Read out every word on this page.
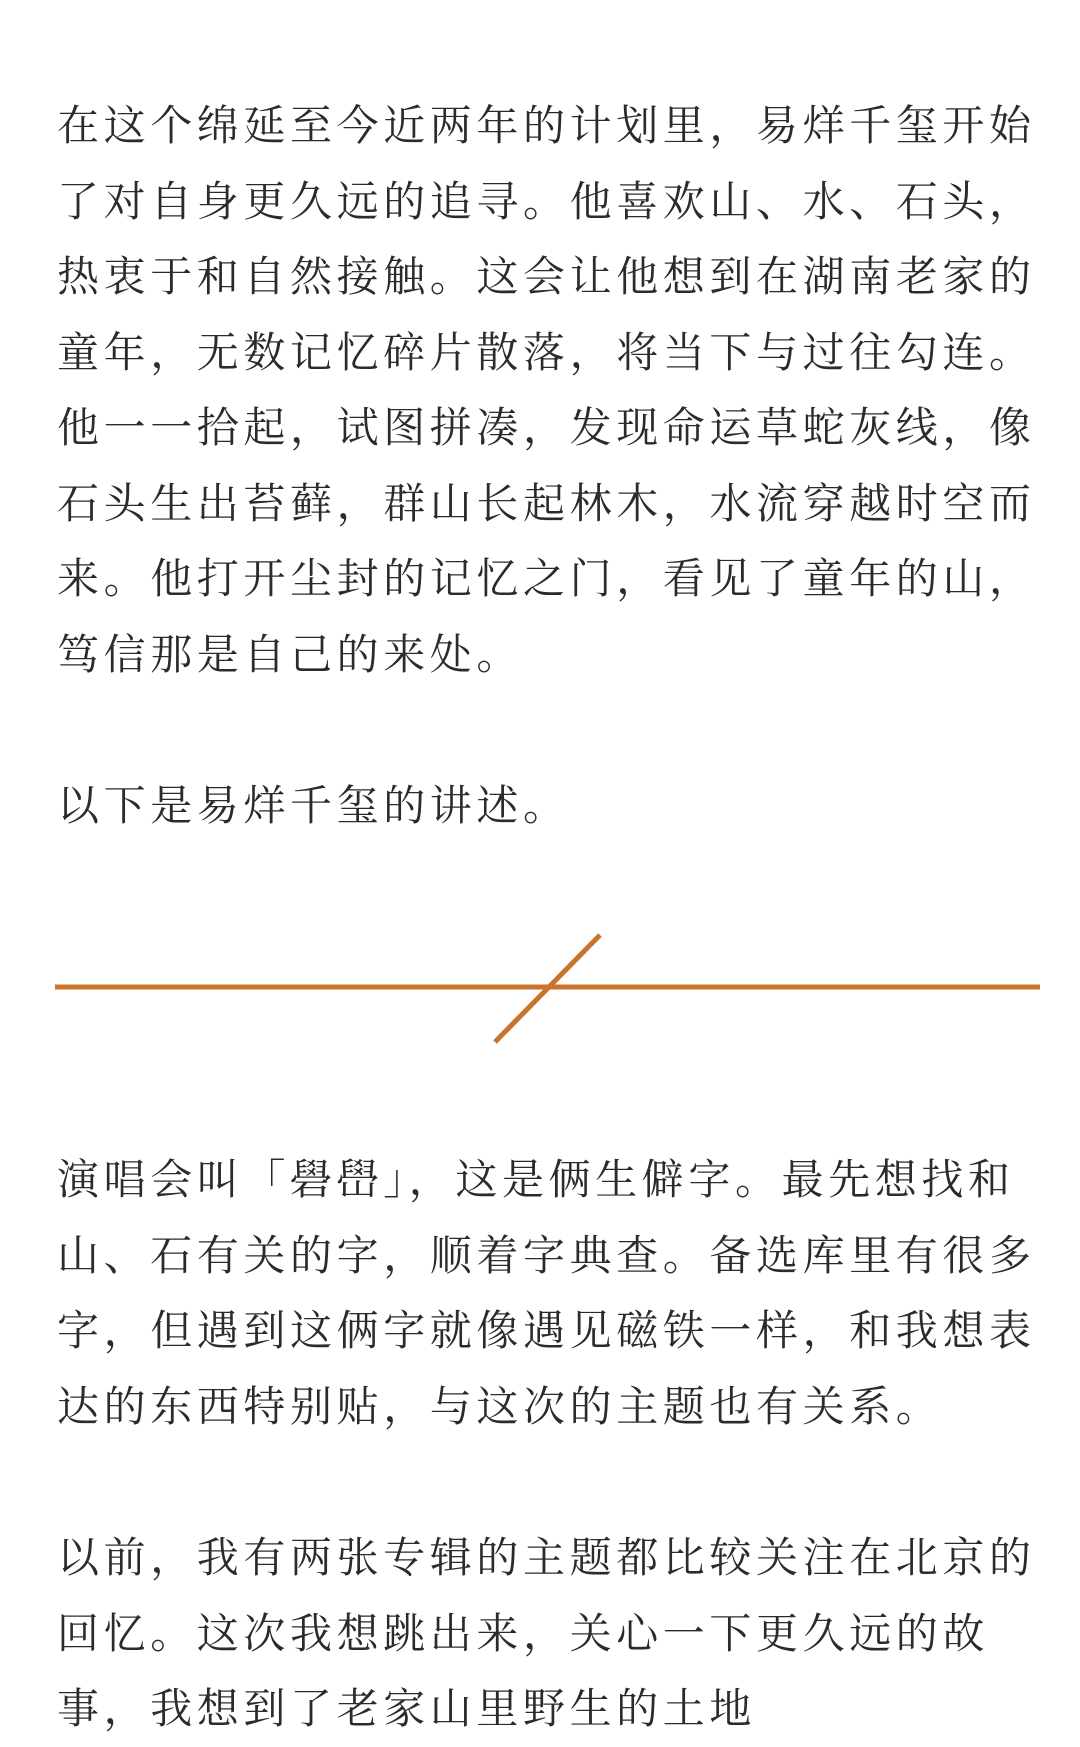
在这个绵延至今近两年的计划里，易烊千玺开始
了对自身更久远的追寻。他喜欢山、水、石头，
热衷于和自然接触。这会让他想到在湖南老家的
童年，无数记忆碎片散落，将当下与过往勾连。
他一一拾起，试图拼凑，发现命运草蛇灰线，像
石头生出苔藓，群山长起林木，水流穿越时空而
来。他打开尘封的记忆之门，看见了童年的山，
笃信那是自己的来处。

以下是易烊千玺的讲述。

演唱会叫「礐嶨」，这是俩生僻字。最先想找和
山、石有关的字，顺着字典查。备选库里有很多
字，但遇到这俩字就像遇见磁铁一样，和我想表
达的东西特别贴，与这次的主题也有关系。

以前，我有两张专辑的主题都比较关注在北京的
回忆。这次我想跳出来，关心一下更久远的故
事，我想到了老家山里野生的土地
